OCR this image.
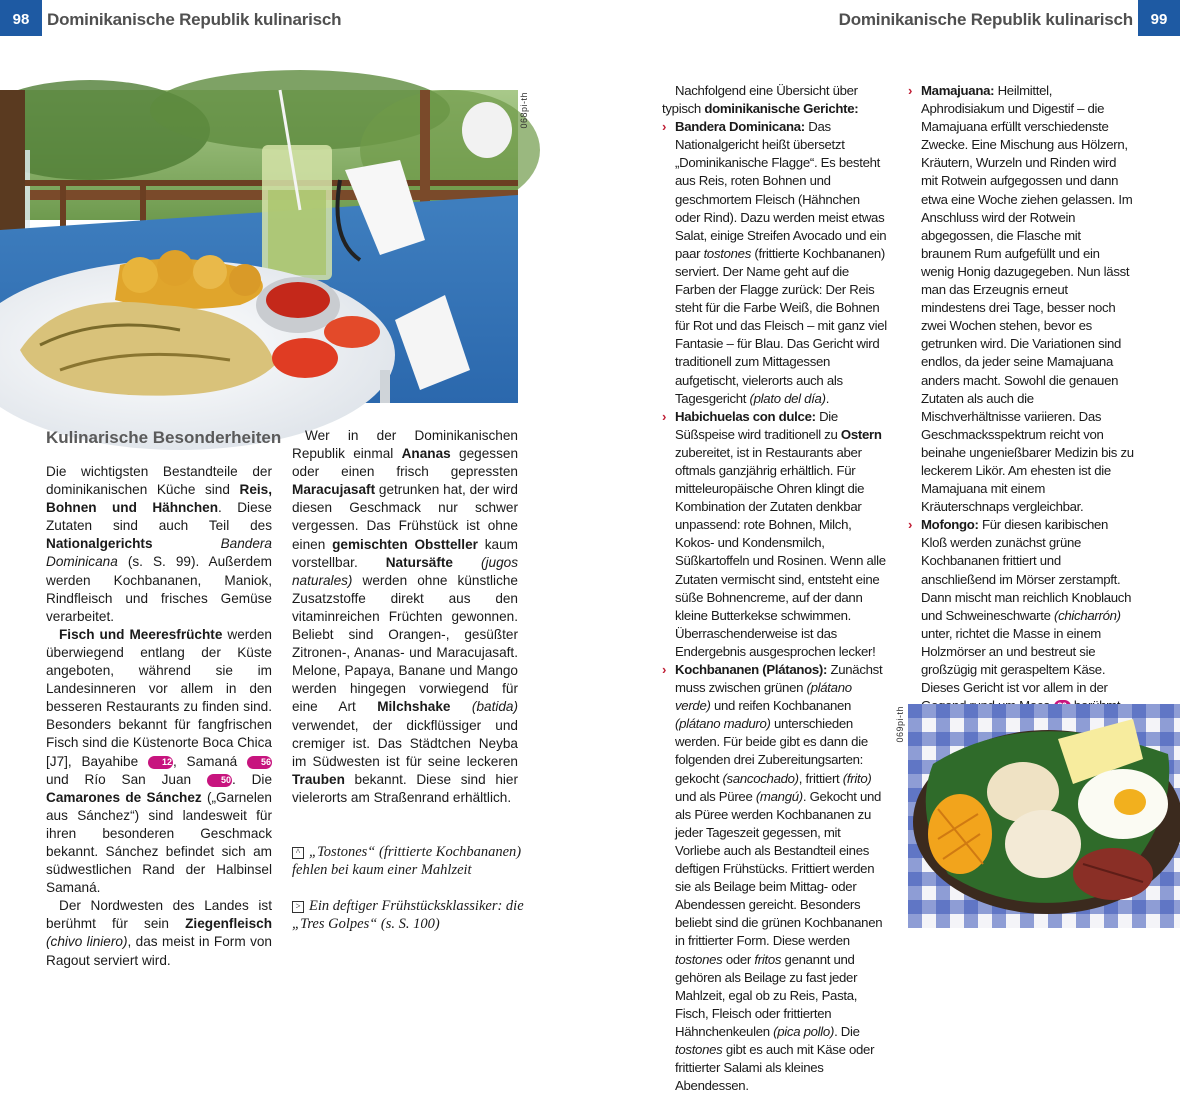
98	Dominikanische Republik kulinarisch	Dominikanische Republik kulinarisch	99
068pi-th
Kulinarische Besonderheiten

Die wichtigsten Bestandteile der dominikanischen Küche sind Reis, Bohnen und Hähnchen. Diese Zutaten sind auch Teil des Nationalgerichts	Bandera Dominicana (s. S. 99). Außerdem werden Kochbananen, Maniok, Rindfleisch und frisches Gemüse verarbeitet.

Fisch und Meeresfrüchte werden überwiegend entlang der Küste angeboten, während sie im Landesinneren vor allem in den besseren Restaurants zu finden sind. Besonders bekannt für fangfrischen Fisch sind die Küstenorte Boca Chica [J7], Bayahibe 12, Samaná 56 und Río San Juan 50. Die Camarones de Sánchez („Garnelen aus Sánchez“) sind landesweit für ihren besonderen Geschmack bekannt. Sánchez befindet sich am südwestlichen Rand der Halbinsel Samaná.

Der Nordwesten des Landes ist berühmt für sein Ziegenfleisch (chivo liniero), das meist in Form von Ragout serviert wird.

Wer in der Dominikanischen Republik einmal Ananas gegessen oder einen frisch gepressten Maracujasaft getrunken hat, der wird diesen Geschmack nur schwer vergessen. Das Frühstück ist ohne einen gemischten Obstteller kaum vorstellbar. Natursäfte (jugos naturales) werden ohne künstliche Zusatzstoffe direkt aus den vitaminreichen Früchten gewonnen. Beliebt sind Orangen-, gesüßter Zitronen-, Ananas- und Maracujasaft. Melone, Papaya, Banane und Mango werden hingegen vorwiegend für eine Art Milchshake (batida) verwendet, der dickflüssiger und cremiger ist. Das Städtchen Neyba im Südwesten ist für seine leckeren Trauben bekannt. Diese sind hier vielerorts am Straßenrand erhältlich.

^ „Tostones“ (frittierte Kochbananen) fehlen bei kaum einer Mahlzeit
> Ein deftiger Frühstücksklassiker: die „Tres Golpes“ (s. S. 100)

Nachfolgend eine Übersicht über typisch dominikanische Gerichte:

› Bandera Dominicana: Das Nationalgericht heißt übersetzt „Dominikanische Flagge“. Es besteht aus Reis, roten Bohnen und geschmortem Fleisch (Hähnchen oder Rind). Dazu werden meist etwas Salat, einige Streifen Avocado und ein paar tostones (frittierte Kochbananen) serviert. Der Name geht auf die Farben der Flagge zurück: Der Reis steht für die Farbe Weiß, die Bohnen für Rot und das Fleisch – mit ganz viel Fantasie – für Blau. Das Gericht wird traditionell zum Mittagessen aufgetischt, vielerorts auch als Tagesgericht (plato del día).
› Habichuelas con dulce: Die Süßspeise wird traditionell zu Ostern zubereitet, ist in Restaurants aber oftmals ganzjährig erhältlich. Für mitteleuropäische Ohren klingt die Kombination der Zutaten denkbar unpassend: rote Bohnen, Milch, Kokos- und Kondensmilch, Süßkartoffeln und Rosinen. Wenn alle Zutaten vermischt sind, entsteht eine süße Bohnencreme, auf der dann kleine Butterkekse schwimmen. Überraschenderweise ist das Endergebnis ausgesprochen lecker!
› Kochbananen (Plátanos): Zunächst muss zwischen grünen (plátano verde) und reifen Kochbananen (plátano maduro) unterschieden werden. Für beide gibt es dann die folgenden drei Zubereitungsarten: gekocht (sancochado), frittiert (frito) und als Püree (mangú). Gekocht und als Püree werden Kochbananen zu jeder Tageszeit gegessen, mit Vorliebe auch als Bestandteil eines deftigen Frühstücks. Frittiert werden sie als Beilage beim Mittag- oder Abendessen gereicht. Besonders beliebt sind die grünen Kochbananen in frittierter Form. Diese werden tostones oder fritos genannt und gehören als Beilage zu fast jeder Mahlzeit, egal ob zu Reis, Pasta, Fisch, Fleisch oder frittierten Hähnchenkeulen (pica pollo). Die tostones gibt es auch mit Käse oder frittierter Salami als kleines Abendessen.
› Mamajuana: Heilmittel, Aphrodisiakum und Digestif – die Mamajuana erfüllt verschiedenste Zwecke. Eine Mischung aus Hölzern, Kräutern, Wurzeln und Rinden wird mit Rotwein aufgegossen und dann etwa eine Woche ziehen gelassen. Im Anschluss wird der Rotwein abgegossen, die Flasche mit braunem Rum aufgefüllt und ein wenig Honig dazugegeben. Nun lässt man das Erzeugnis erneut mindestens drei Tage, besser noch zwei Wochen stehen, bevor es getrunken wird. Die Variationen sind endlos, da jeder seine Mamajuana anders macht. Sowohl die genauen Zutaten als auch die Mischverhältnisse variieren. Das Geschmacksspektrum reicht von beinahe ungenießbarer Medizin bis zu leckerem Likör. Am ehesten ist die Mamajuana mit einem Kräuterschnaps vergleichbar.
› Mofongo: Für diesen karibischen Kloß werden zunächst grüne Kochbananen frittiert und anschließend im Mörser zerstampft. Dann mischt man reichlich Knoblauch und Schweineschwarte (chicharrón) unter, richtet die Masse in einem Holzmörser an und bestreut sie großzügig mit geraspeltem Käse. Dieses Gericht ist vor allem in der
069pi-th
